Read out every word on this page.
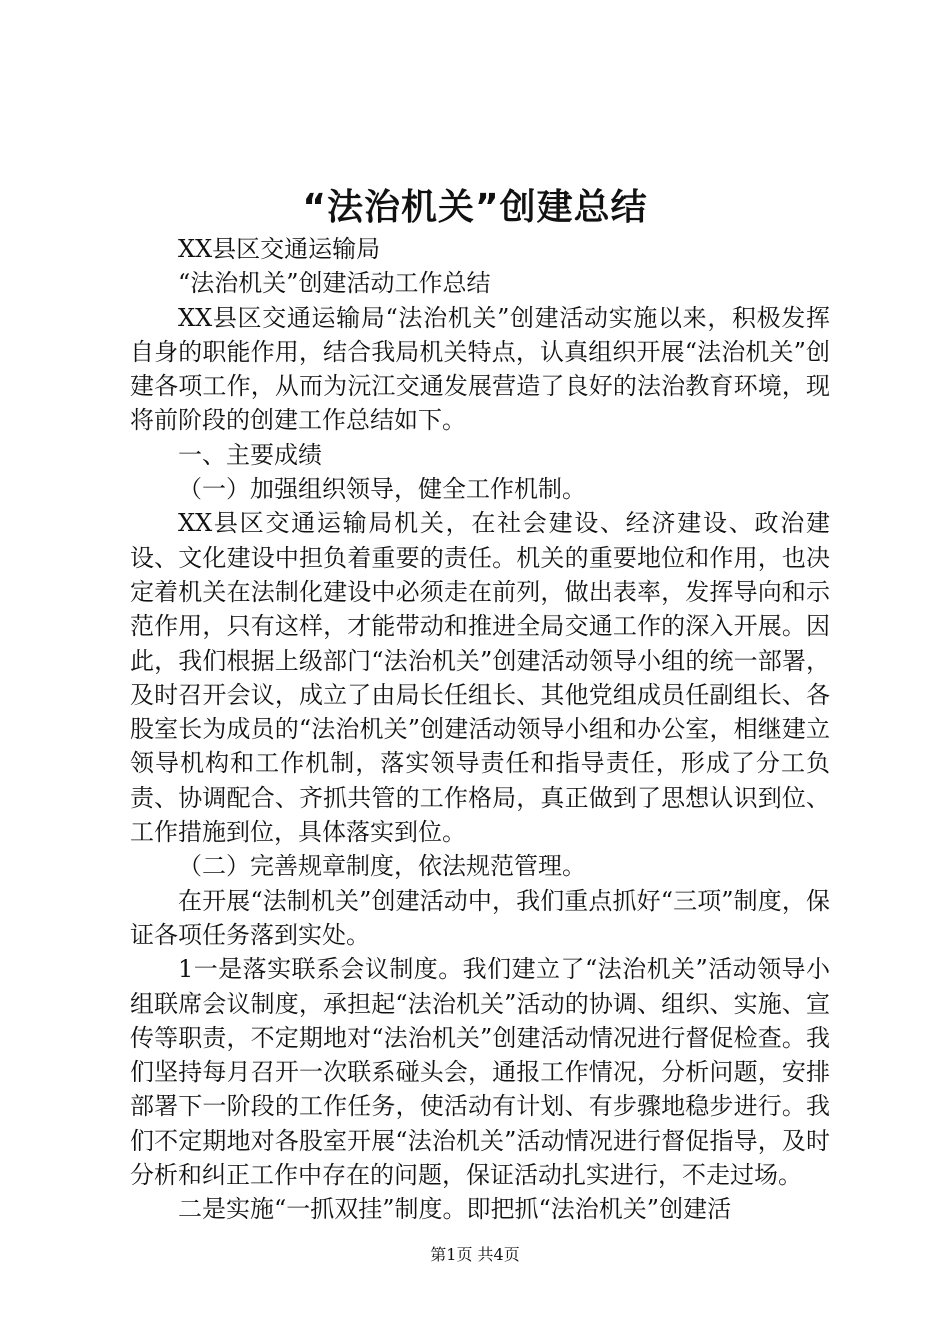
“法治机关”创建总结

XX县区交通运输局

“法治机关”创建活动工作总结

XX县区交通运输局“法治机关”创建活动实施以来，积极发挥自身的职能作用，结合我局机关特点，认真组织开展“法治机关”创建各项工作，从而为沅江交通发展营造了良好的法治教育环境，现将前阶段的创建工作总结如下。

一、主要成绩

（一）加强组织领导，健全工作机制。

XX县区交通运输局机关，在社会建设、经济建设、政治建设、文化建设中担负着重要的责任。机关的重要地位和作用，也决定着机关在法制化建设中必须走在前列，做出表率，发挥导向和示范作用，只有这样，才能带动和推进全局交通工作的深入开展。因此，我们根据上级部门“法治机关”创建活动领导小组的统一部署，及时召开会议，成立了由局长任组长、其他党组成员任副组长、各股室长为成员的“法治机关”创建活动领导小组和办公室，相继建立领导机构和工作机制，落实领导责任和指导责任，形成了分工负责、协调配合、齐抓共管的工作格局，真正做到了思想认识到位、工作措施到位，具体落实到位。

（二）完善规章制度，依法规范管理。

在开展“法制机关”创建活动中，我们重点抓好“三项”制度，保证各项任务落到实处。

1一是落实联系会议制度。我们建立了“法治机关”活动领导小组联席会议制度，承担起“法治机关”活动的协调、组织、实施、宣传等职责，不定期地对“法治机关”创建活动情况进行督促检查。我们坚持每月召开一次联系碰头会，通报工作情况，分析问题，安排部署下一阶段的工作任务，使活动有计划、有步骤地稳步进行。我们不定期地对各股室开展“法治机关”活动情况进行督促指导，及时分析和纠正工作中存在的问题，保证活动扎实进行，不走过场。

二是实施“一抓双挂”制度。即把抓“法治机关”创建活

第1页 共4页
